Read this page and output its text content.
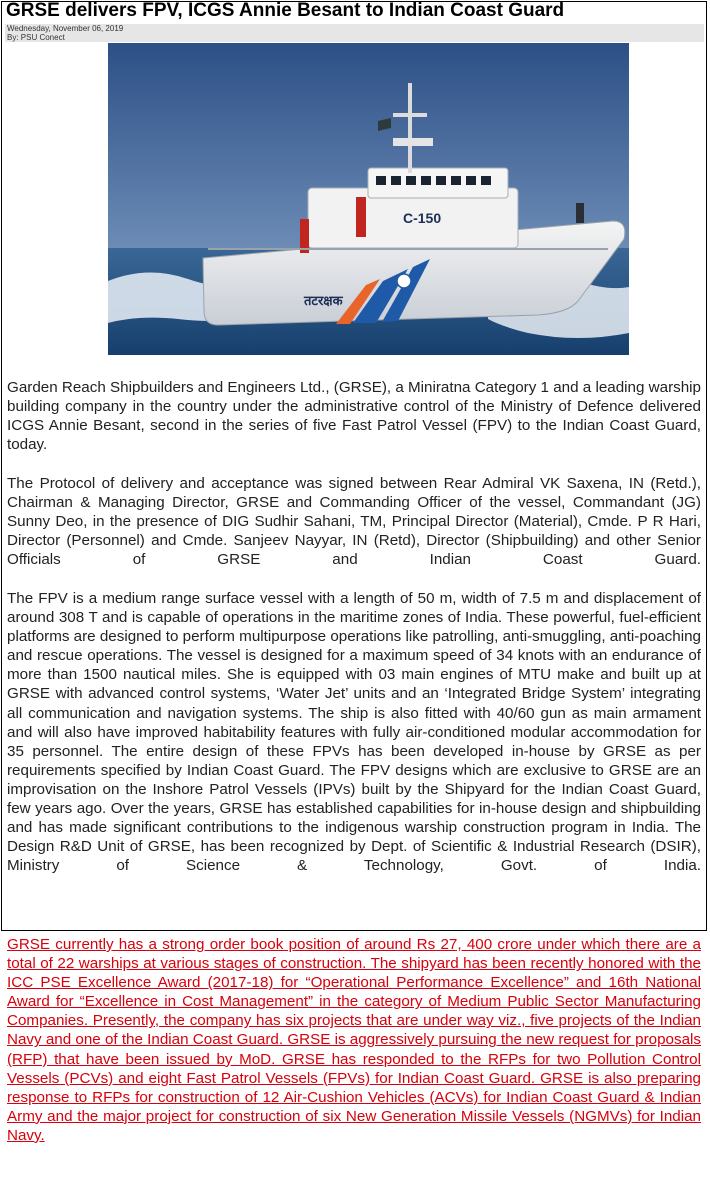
GRSE delivers FPV, ICGS Annie Besant to Indian Coast Guard
Wednesday, November 06, 2019
By: PSU Conect
तटरक्षक
C-150

Garden Reach Shipbuilders and Engineers Ltd., (GRSE), a Miniratna Category 1 and a leading warship building company in the country under the administrative control of the Ministry of Defence delivered ICGS Annie Besant, second in the series of five Fast Patrol Vessel (FPV) to the Indian Coast Guard, today.

The Protocol of delivery and acceptance was signed between Rear Admiral VK Saxena, IN (Retd.), Chairman & Managing Director, GRSE and Commanding Officer of the vessel, Commandant (JG) Sunny Deo, in the presence of DIG Sudhir Sahani, TM, Principal Director (Material), Cmde. P R Hari, Director (Personnel) and Cmde. Sanjeev Nayyar, IN (Retd), Director (Shipbuilding) and other Senior Officials of GRSE and Indian Coast Guard.

The FPV is a medium range surface vessel with a length of 50 m, width of 7.5 m and displacement of around 308 T and is capable of operations in the maritime zones of India. These powerful, fuel-efficient platforms are designed to perform multipurpose operations like patrolling, anti-smuggling, anti-poaching and rescue operations. The vessel is designed for a maximum speed of 34 knots with an endurance of more than 1500 nautical miles. She is equipped with 03 main engines of MTU make and built up at GRSE with advanced control systems, ‘Water Jet’ units and an ‘Integrated Bridge System’ integrating all communication and navigation systems. The ship is also fitted with 40/60 gun as main armament and will also have improved habitability features with fully air-conditioned modular accommodation for 35 personnel. The entire design of these FPVs has been developed in-house by GRSE as per requirements specified by Indian Coast Guard. The FPV designs which are exclusive to GRSE are an improvisation on the Inshore Patrol Vessels (IPVs) built by the Shipyard for the Indian Coast Guard, few years ago. Over the years, GRSE has established capabilities for in-house design and shipbuilding and has made significant contributions to the indigenous warship construction program in India. The Design R&D Unit of GRSE, has been recognized by Dept. of Scientific & Industrial Research (DSIR), Ministry of Science & Technology, Govt. of India.

GRSE currently has a strong order book position of around Rs 27, 400 crore under which there are a total of 22 warships at various stages of construction. The shipyard has been recently honored with the ICC PSE Excellence Award (2017-18) for “Operational Performance Excellence” and 16th National Award for “Excellence in Cost Management” in the category of Medium Public Sector Manufacturing Companies. Presently, the company has six projects that are under way viz., five projects of the Indian Navy and one of the Indian Coast Guard. GRSE is aggressively pursuing the new request for proposals (RFP) that have been issued by MoD. GRSE has responded to the RFPs for two Pollution Control Vessels (PCVs) and eight Fast Patrol Vessels (FPVs) for Indian Coast Guard. GRSE is also preparing response to RFPs for construction of 12 Air-Cushion Vehicles (ACVs) for Indian Coast Guard & Indian Army and the major project for construction of six New Generation Missile Vessels (NGMVs) for Indian Navy.
